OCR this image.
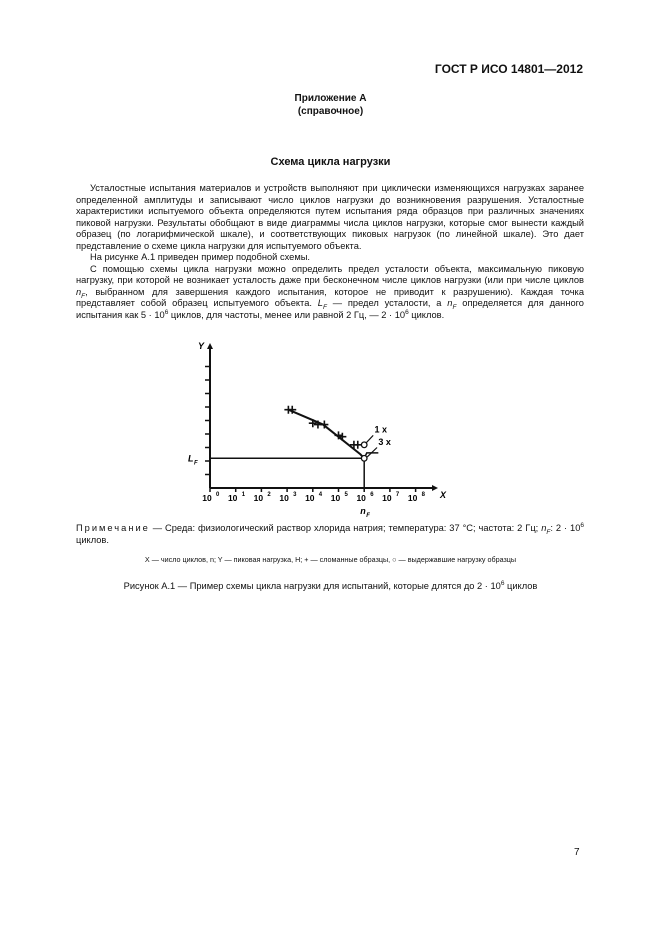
ГОСТ Р ИСО 14801—2012
Приложение А
(справочное)
Схема цикла нагрузки

Усталостные испытания материалов и устройств выполняют при циклически изменяющихся нагрузках заранее определенной амплитуды и записывают число циклов нагрузки до возникновения разрушения. Усталостные характеристики испытуемого объекта определяются путем испытания ряда образцов при различных значениях пиковой нагрузки. Результаты обобщают в виде диаграммы числа циклов нагрузки, которые смог вынести каждый образец (по логарифмической шкале), и соответствующих пиковых нагрузок (по линейной шкале). Это дает представление о схеме цикла нагрузки для испытуемого объекта.

На рисунке А.1 приведен пример подобной схемы.

С помощью схемы цикла нагрузки можно определить предел усталости объекта, максимальную пиковую нагрузку, при которой не возникает усталость даже при бесконечном числе циклов нагрузки (или при числе циклов $n_F$, выбранном для завершения каждого испытания, которое не приводит к разрушению). Каждая точка представляет собой образец испытуемого объекта. $L_F$ — предел усталости, а $n_F$ определяется для данного испытания как $5 \cdot 10^6$ циклов, для частоты, менее или равной 2 Гц, — $2 \cdot 10^6$ циклов.

Y
X
10 0 10 1 10 2 10 3 10 4 10 5 10 6 10 7 10 8
L F
n F
1 x
3 x
Примечание — Среда: физиологический раствор хлорида натрия; температура: 37 °С; частота: 2 Гц; $n_F$: $2 \cdot 10^6$ циклов.
X — число циклов, n; Y — пиковая нагрузка, Н; + — сломанные образцы, ○ — выдержавшие нагрузку образцы
Рисунок А.1 — Пример схемы цикла нагрузки для испытаний, которые длятся до $2 \cdot 10^6$ циклов
7
